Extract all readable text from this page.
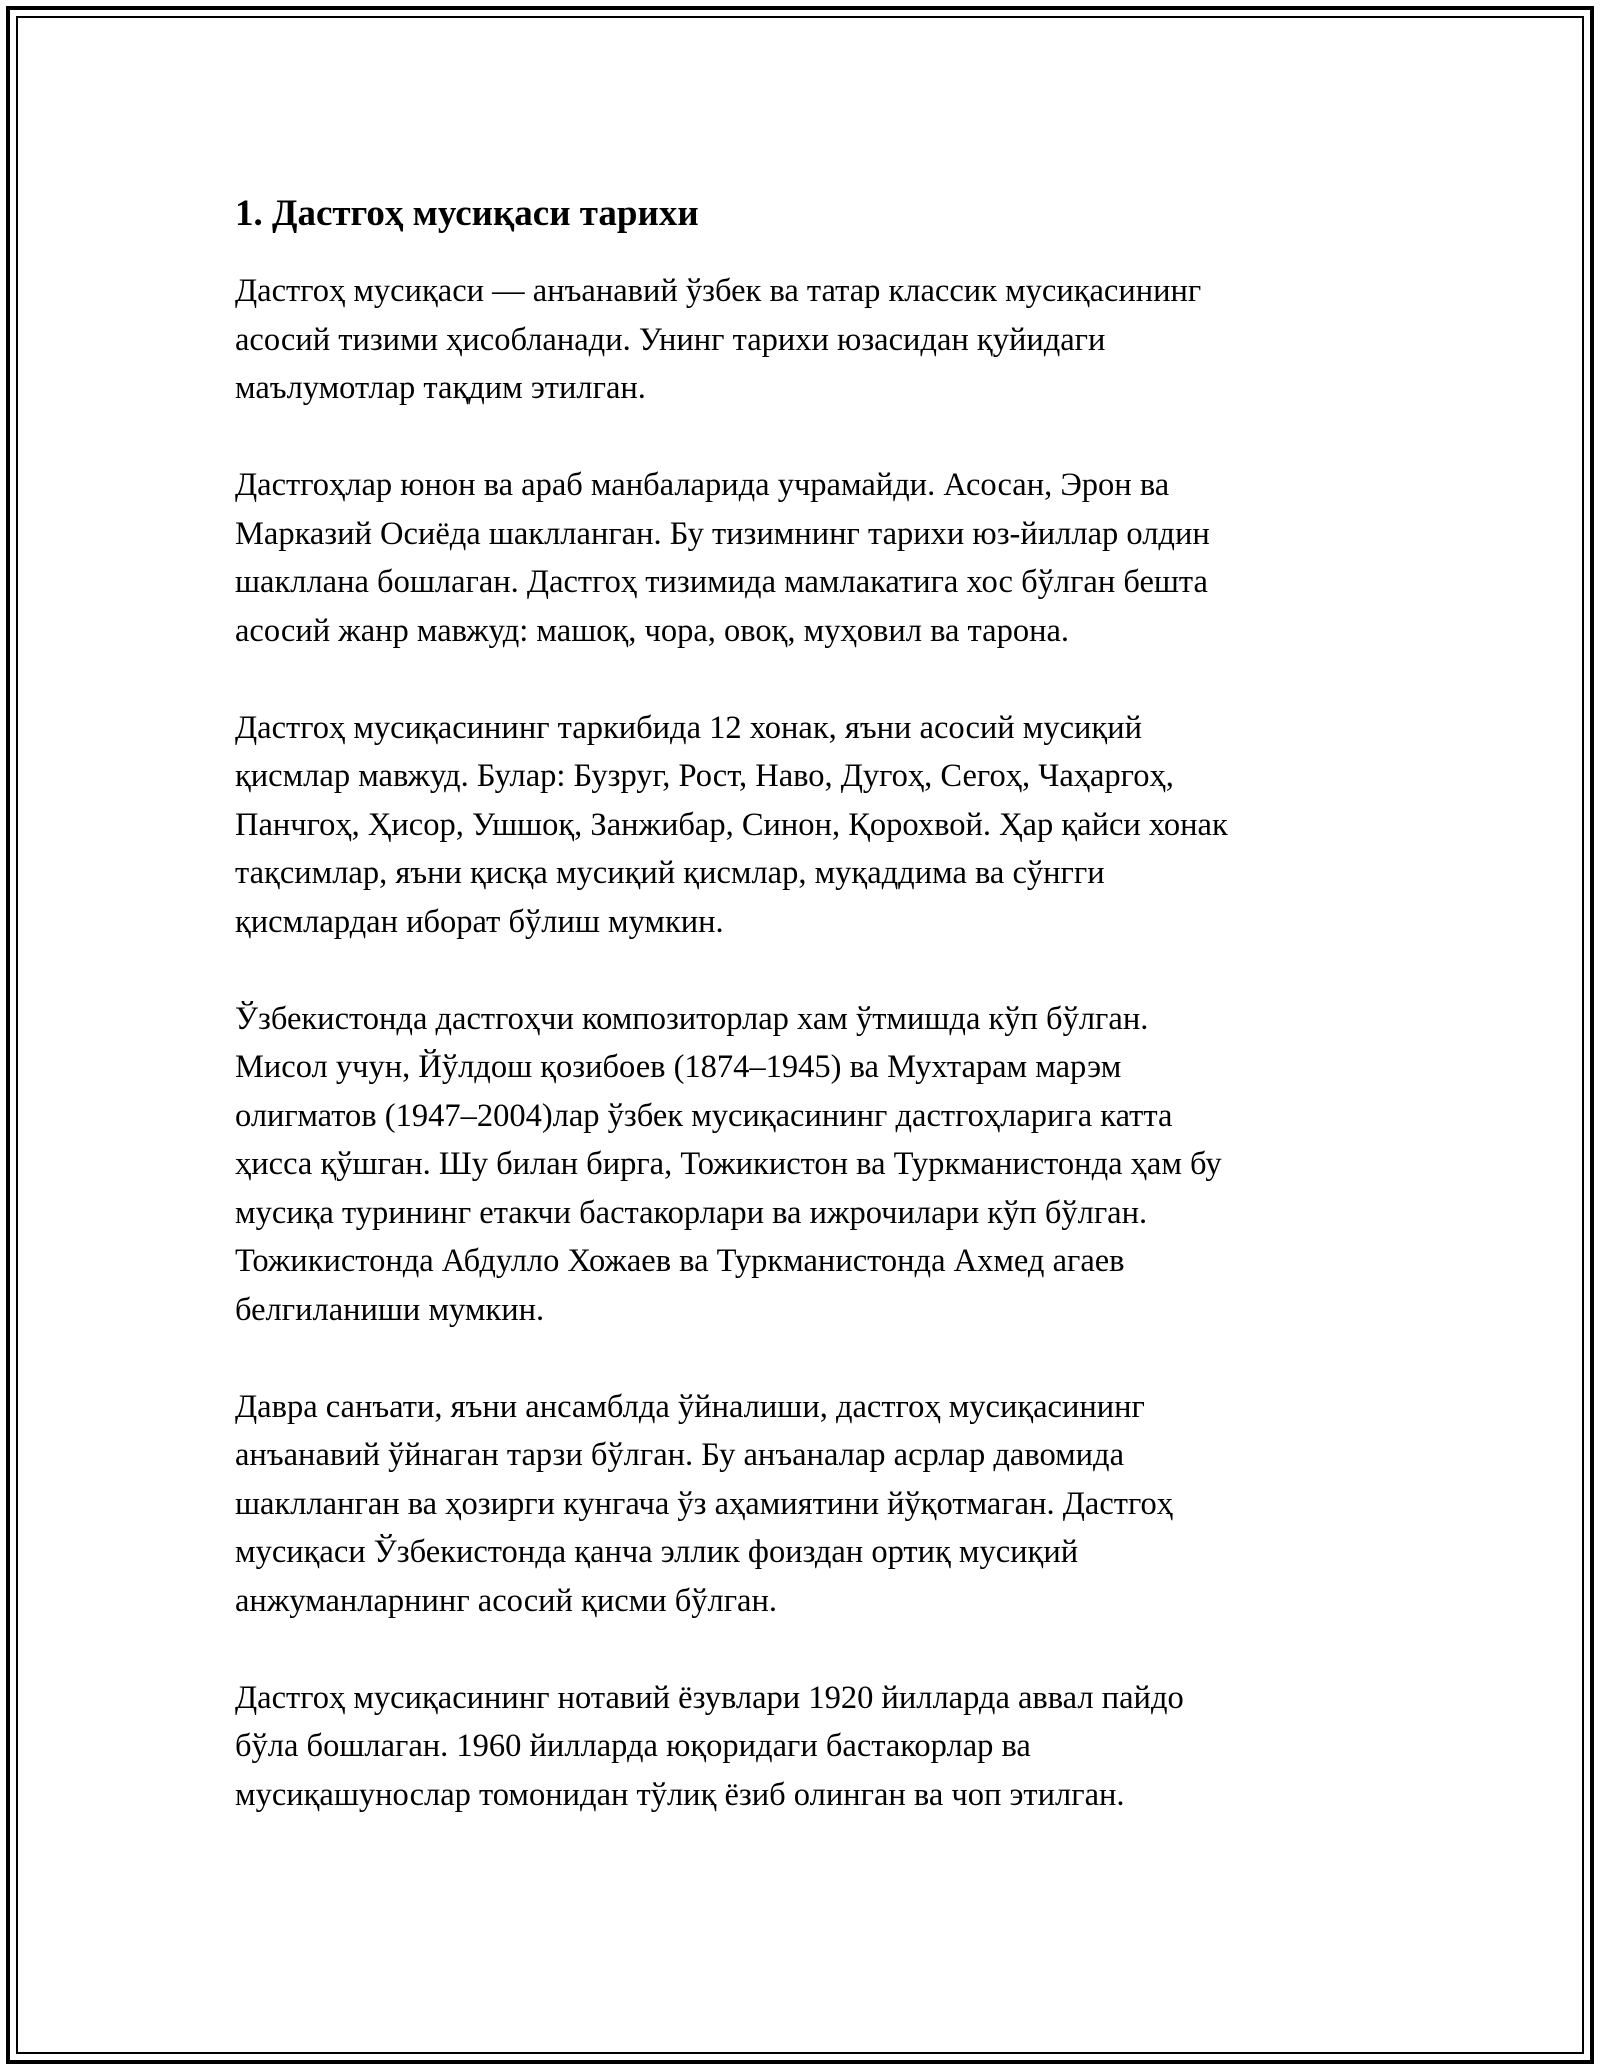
1. Дастгоҳ мусиқаси тарихи

Дастгоҳ мусиқаси — анъанавий ўзбек ва татар классик мусиқасининг
асосий тизими ҳисобланади. Унинг тарихи юзасидан қуйидаги
маълумотлар тақдим этилган.

Дастгоҳлар юнон ва араб манбаларида учрамайди. Асосан, Эрон ва
Марказий Осиёда шаклланган. Бу тизимнинг тарихи юз-йиллар олдин
шакллана бошлаган. Дастгоҳ тизимида мамлакатига хос бўлган бешта
асосий жанр мавжуд: машоқ, чора, овоқ, муҳовил ва тарона.

Дастгоҳ мусиқасининг таркибида 12 хонак, яъни асосий мусиқий
қисмлар мавжуд. Булар: Бузруг, Рост, Наво, Дугоҳ, Сегоҳ, Чаҳаргоҳ,
Панчгоҳ, Ҳисор, Ушшоқ, Занжибар, Синон, Қорохвой. Ҳар қайси хонак
тақсимлар, яъни қисқа мусиқий қисмлар, муқаддима ва сўнгги
қисмлардан иборат бўлиш мумкин.

Ўзбекистонда дастгоҳчи композиторлар хам ўтмишда кўп бўлган.
Мисол учун, Йўлдош қозибоев (1874–1945) ва Мухтарам марэм
олигматов (1947–2004)лар ўзбек мусиқасининг дастгоҳларига катта
ҳисса қўшган. Шу билан бирга, Тожикистон ва Туркманистонда ҳам бу
мусиқа турининг етакчи бастакорлари ва ижрочилари кўп бўлган.
Тожикистонда Абдулло Хожаев ва Туркманистонда Ахмед агаев
белгиланиши мумкин.

Давра санъати, яъни ансамблда ўйналиши, дастгоҳ мусиқасининг
анъанавий ўйнаган тарзи бўлган. Бу анъаналар асрлар давомида
шаклланган ва ҳозирги кунгача ўз аҳамиятини йўқотмаган. Дастгоҳ
мусиқаси Ўзбекистонда қанча эллик фоиздан ортиқ мусиқий
анжуманларнинг асосий қисми бўлган.

Дастгоҳ мусиқасининг нотавий ёзувлари 1920 йилларда аввал пайдо
бўла бошлаган. 1960 йилларда юқоридаги бастакорлар ва
мусиқашунослар томонидан тўлиқ ёзиб олинган ва чоп этилган.
